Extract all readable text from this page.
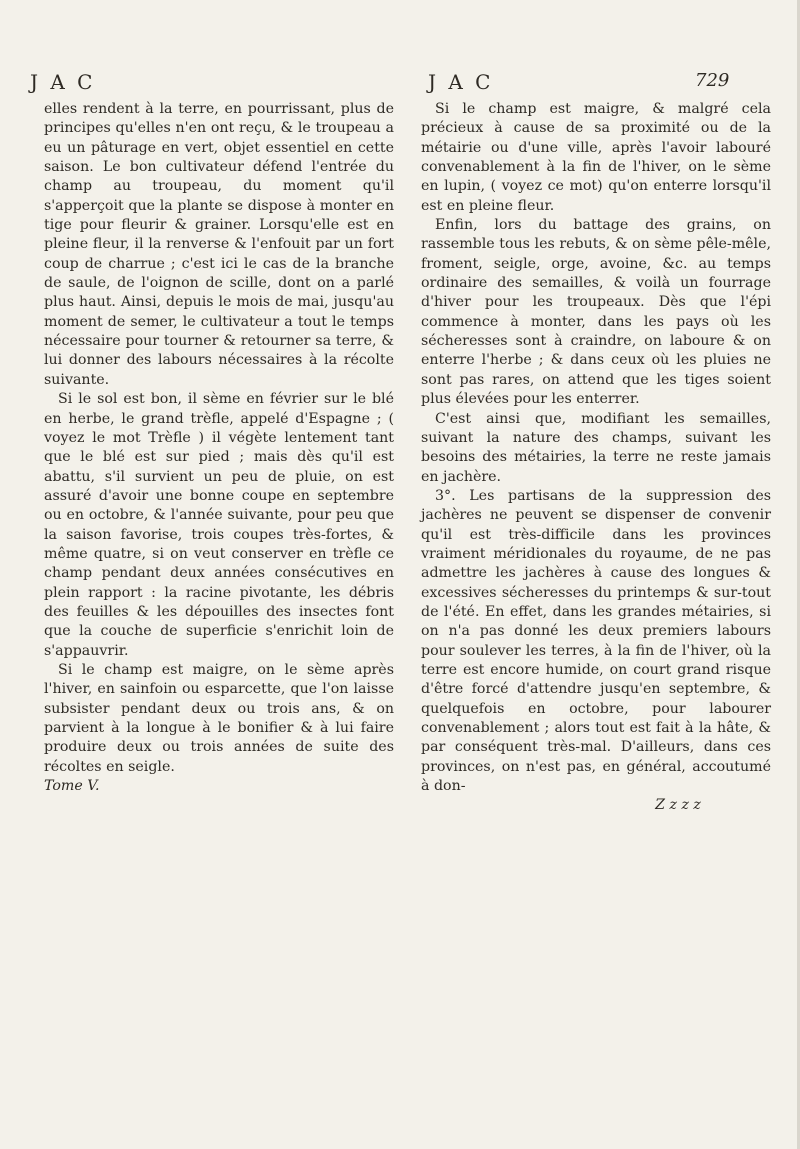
J A C	J A C	729

elles rendent à la terre, en pourrissant, plus de principes qu'elles n'en ont reçu, & le troupeau a eu un pâturage en vert, objet essentiel en cette saison. Le bon cultivateur défend l'entrée du champ au troupeau, du moment qu'il s'apperçoit que la plante se dispose à monter en tige pour fleurir & grainer. Lorsqu'elle est en pleine fleur, il la renverse & l'enfouit par un fort coup de charrue ; c'est ici le cas de la branche de saule, de l'oignon de scille, dont on a parlé plus haut. Ainsi, depuis le mois de mai, jusqu'au moment de semer, le cultivateur a tout le temps nécessaire pour tourner & retourner sa terre, & lui donner des labours nécessaires à la récolte suivante.

Si le sol est bon, il sème en février sur le blé en herbe, le grand trèfle, appelé d'Espagne ; ( voyez le mot Trèfle ) il végète lentement tant que le blé est sur pied ; mais dès qu'il est abattu, s'il survient un peu de pluie, on est assuré d'avoir une bonne coupe en septembre ou en octobre, & l'année suivante, pour peu que la saison favorise, trois coupes très-fortes, & même quatre, si on veut conserver en trèfle ce champ pendant deux années consécutives en plein rapport : la racine pivotante, les débris des feuilles & les dépouilles des insectes font que la couche de superficie s'enrichit loin de s'appauvrir.

Si le champ est maigre, on le sème après l'hiver, en sainfoin ou esparcette, que l'on laisse subsister pendant deux ou trois ans, & on parvient à la longue à le bonifier & à lui faire produire deux ou trois années de suite des récoltes en seigle.

Tome V.

Si le champ est maigre, & malgré cela précieux à cause de sa proximité ou de la métairie ou d'une ville, après l'avoir labouré convenablement à la fin de l'hiver, on le sème en lupin, ( voyez ce mot) qu'on enterre lorsqu'il est en pleine fleur.

Enfin, lors du battage des grains, on rassemble tous les rebuts, & on sème pêle-mêle, froment, seigle, orge, avoine, &c. au temps ordinaire des semailles, & voilà un fourrage d'hiver pour les troupeaux. Dès que l'épi commence à monter, dans les pays où les sécheresses sont à craindre, on laboure & on enterre l'herbe ; & dans ceux où les pluies ne sont pas rares, on attend que les tiges soient plus élevées pour les enterrer.

C'est ainsi que, modifiant les semailles, suivant la nature des champs, suivant les besoins des métairies, la terre ne reste jamais en jachère.

3°. Les partisans de la suppression des jachères ne peuvent se dispenser de convenir qu'il est très-difficile dans les provinces vraiment méridionales du royaume, de ne pas admettre les jachères à cause des longues & excessives sécheresses du printemps & sur-tout de l'été. En effet, dans les grandes métairies, si on n'a pas donné les deux premiers labours pour soulever les terres, à la fin de l'hiver, où la terre est encore humide, on court grand risque d'être forcé d'attendre jusqu'en septembre, & quelquefois en octobre, pour labourer convenablement ; alors tout est fait à la hâte, & par conséquent très-mal. D'ailleurs, dans ces provinces, on n'est pas, en général, accoutumé à don-

Z z z z
